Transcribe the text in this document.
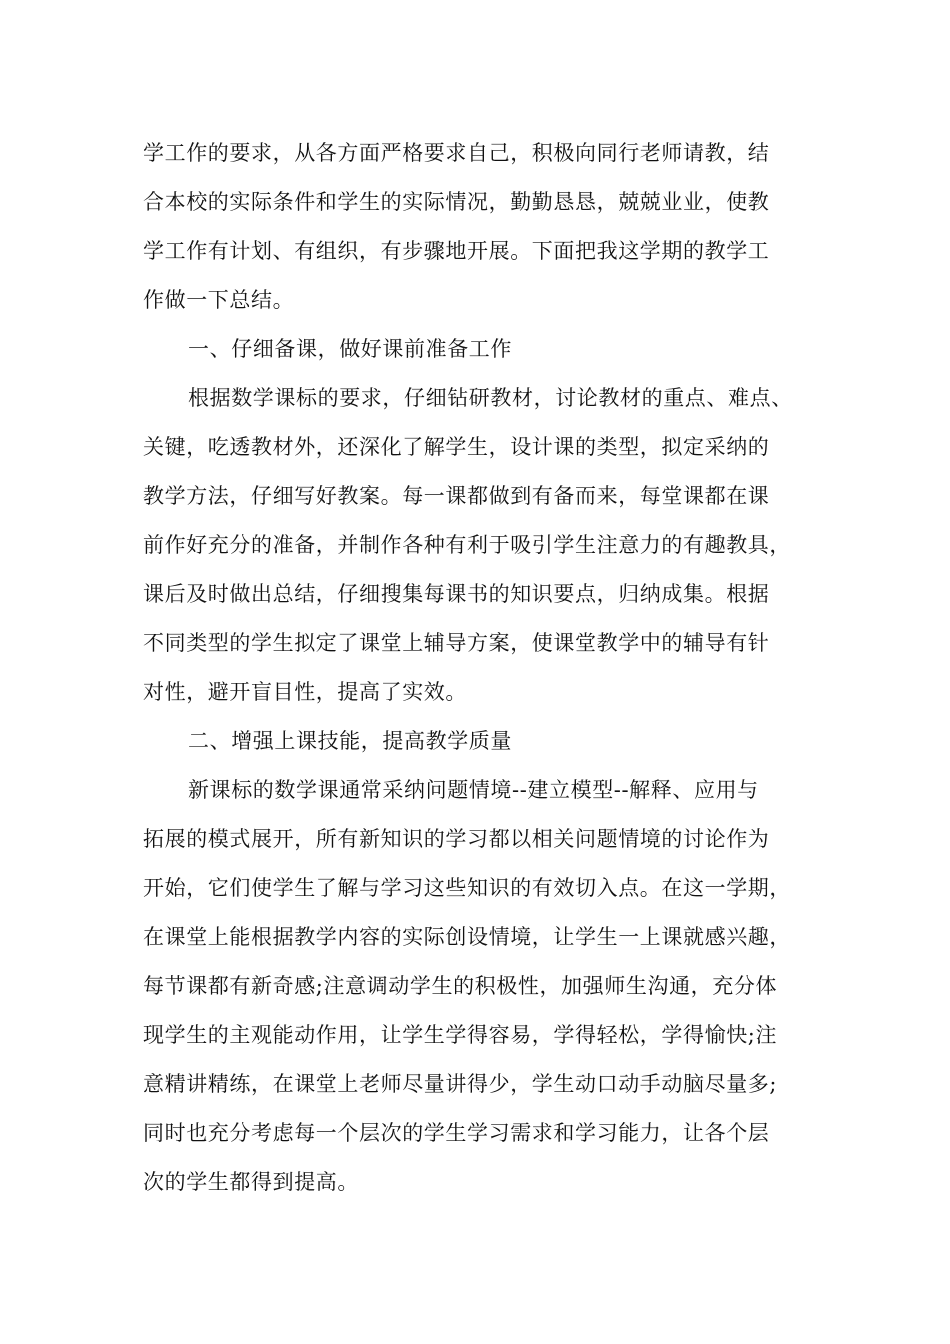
学工作的要求，从各方面严格要求自己，积极向同行老师请教，结
合本校的实际条件和学生的实际情况，勤勤恳恳，兢兢业业，使教
学工作有计划、有组织，有步骤地开展。下面把我这学期的教学工
作做一下总结。
一、仔细备课，做好课前准备工作
根据数学课标的要求，仔细钻研教材，讨论教材的重点、难点、
关键，吃透教材外，还深化了解学生，设计课的类型，拟定采纳的
教学方法，仔细写好教案。每一课都做到有备而来，每堂课都在课
前作好充分的准备，并制作各种有利于吸引学生注意力的有趣教具，
课后及时做出总结，仔细搜集每课书的知识要点，归纳成集。根据
不同类型的学生拟定了课堂上辅导方案，使课堂教学中的辅导有针
对性，避开盲目性，提高了实效。
二、增强上课技能，提高教学质量
新课标的数学课通常采纳问题情境--建立模型--解释、应用与
拓展的模式展开，所有新知识的学习都以相关问题情境的讨论作为
开始，它们使学生了解与学习这些知识的有效切入点。在这一学期，
在课堂上能根据教学内容的实际创设情境，让学生一上课就感兴趣，
每节课都有新奇感;注意调动学生的积极性，加强师生沟通，充分体
现学生的主观能动作用，让学生学得容易，学得轻松，学得愉快;注
意精讲精练，在课堂上老师尽量讲得少，学生动口动手动脑尽量多;
同时也充分考虑每一个层次的学生学习需求和学习能力，让各个层
次的学生都得到提高。
